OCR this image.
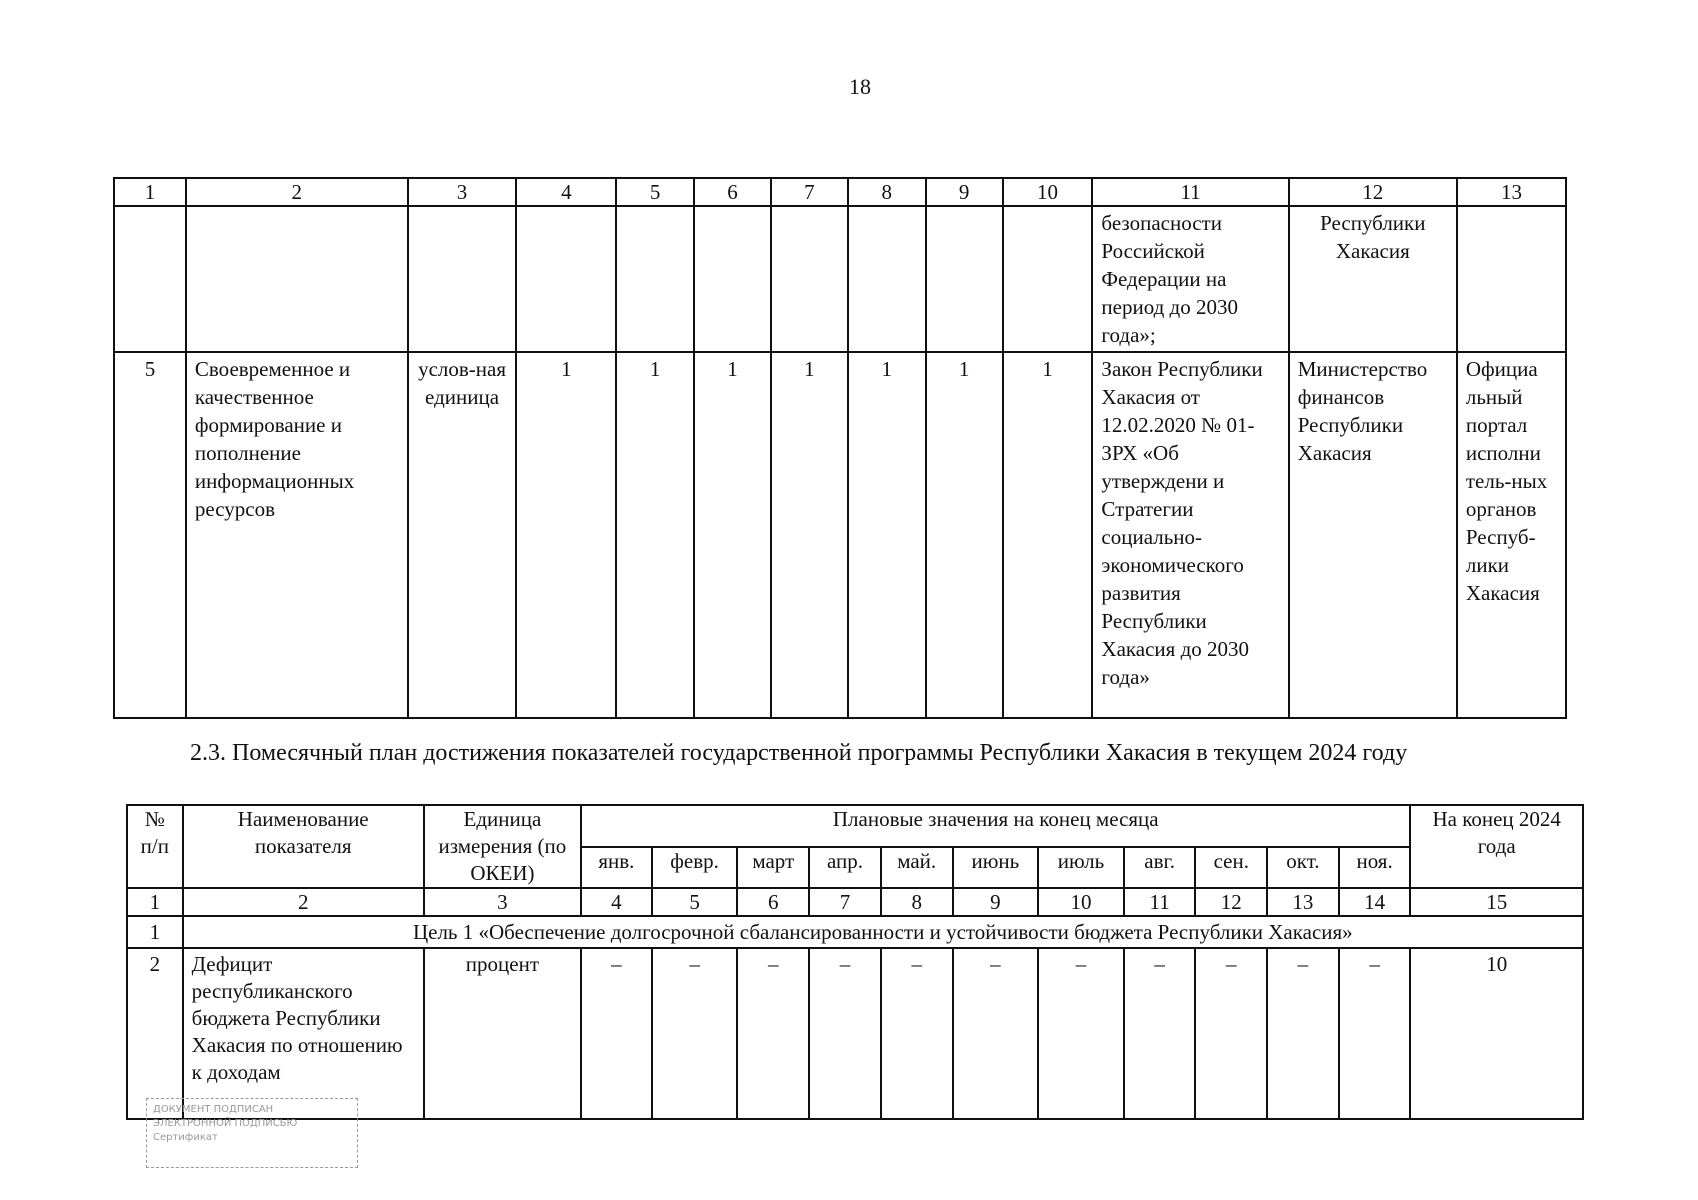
18
1	2	3	4	5	6	7	8	9	10	11	12	13
										безопасности Российской Федерации на период до 2030 года»;	Республики Хакасия	
5	Своевременное и качественное формирование и пополнение информационных ресурсов	услов-ная единица	1	1	1	1	1	1	1	Закон Республики Хакасия от 12.02.2020 № 01-ЗРХ «Об утверждени и Стратегии социально-экономического развития Республики Хакасия до 2030 года»	Министерство финансов Республики Хакасия	Официа льный портал исполни тель-ных органов Респуб-лики Хакасия
2.3. Помесячный план достижения показателей государственной программы Республики Хакасия в текущем 2024 году
№ п/п	Наименование показателя	Единица измерения (по ОКЕИ)	Плановые значения на конец месяца											На конец 2024 года
			янв.	февр.	март	апр.	май.	июнь	июль	авг.	сен.	окт.	ноя.	
1	2	3	4	5	6	7	8	9	10	11	12	13	14	15
1	Цель 1 «Обеспечение долгосрочной сбалансированности и устойчивости бюджета Республики Хакасия»													
2	Дефицит республиканского бюджета Республики Хакасия по отношению к доходам	процент	–	–	–	–	–	–	–	–	–	–	–	10
ДОКУМЕНТ ПОДПИСАН
ЭЛЕКТРОННОЙ ПОДПИСЬЮ
Сертификат
